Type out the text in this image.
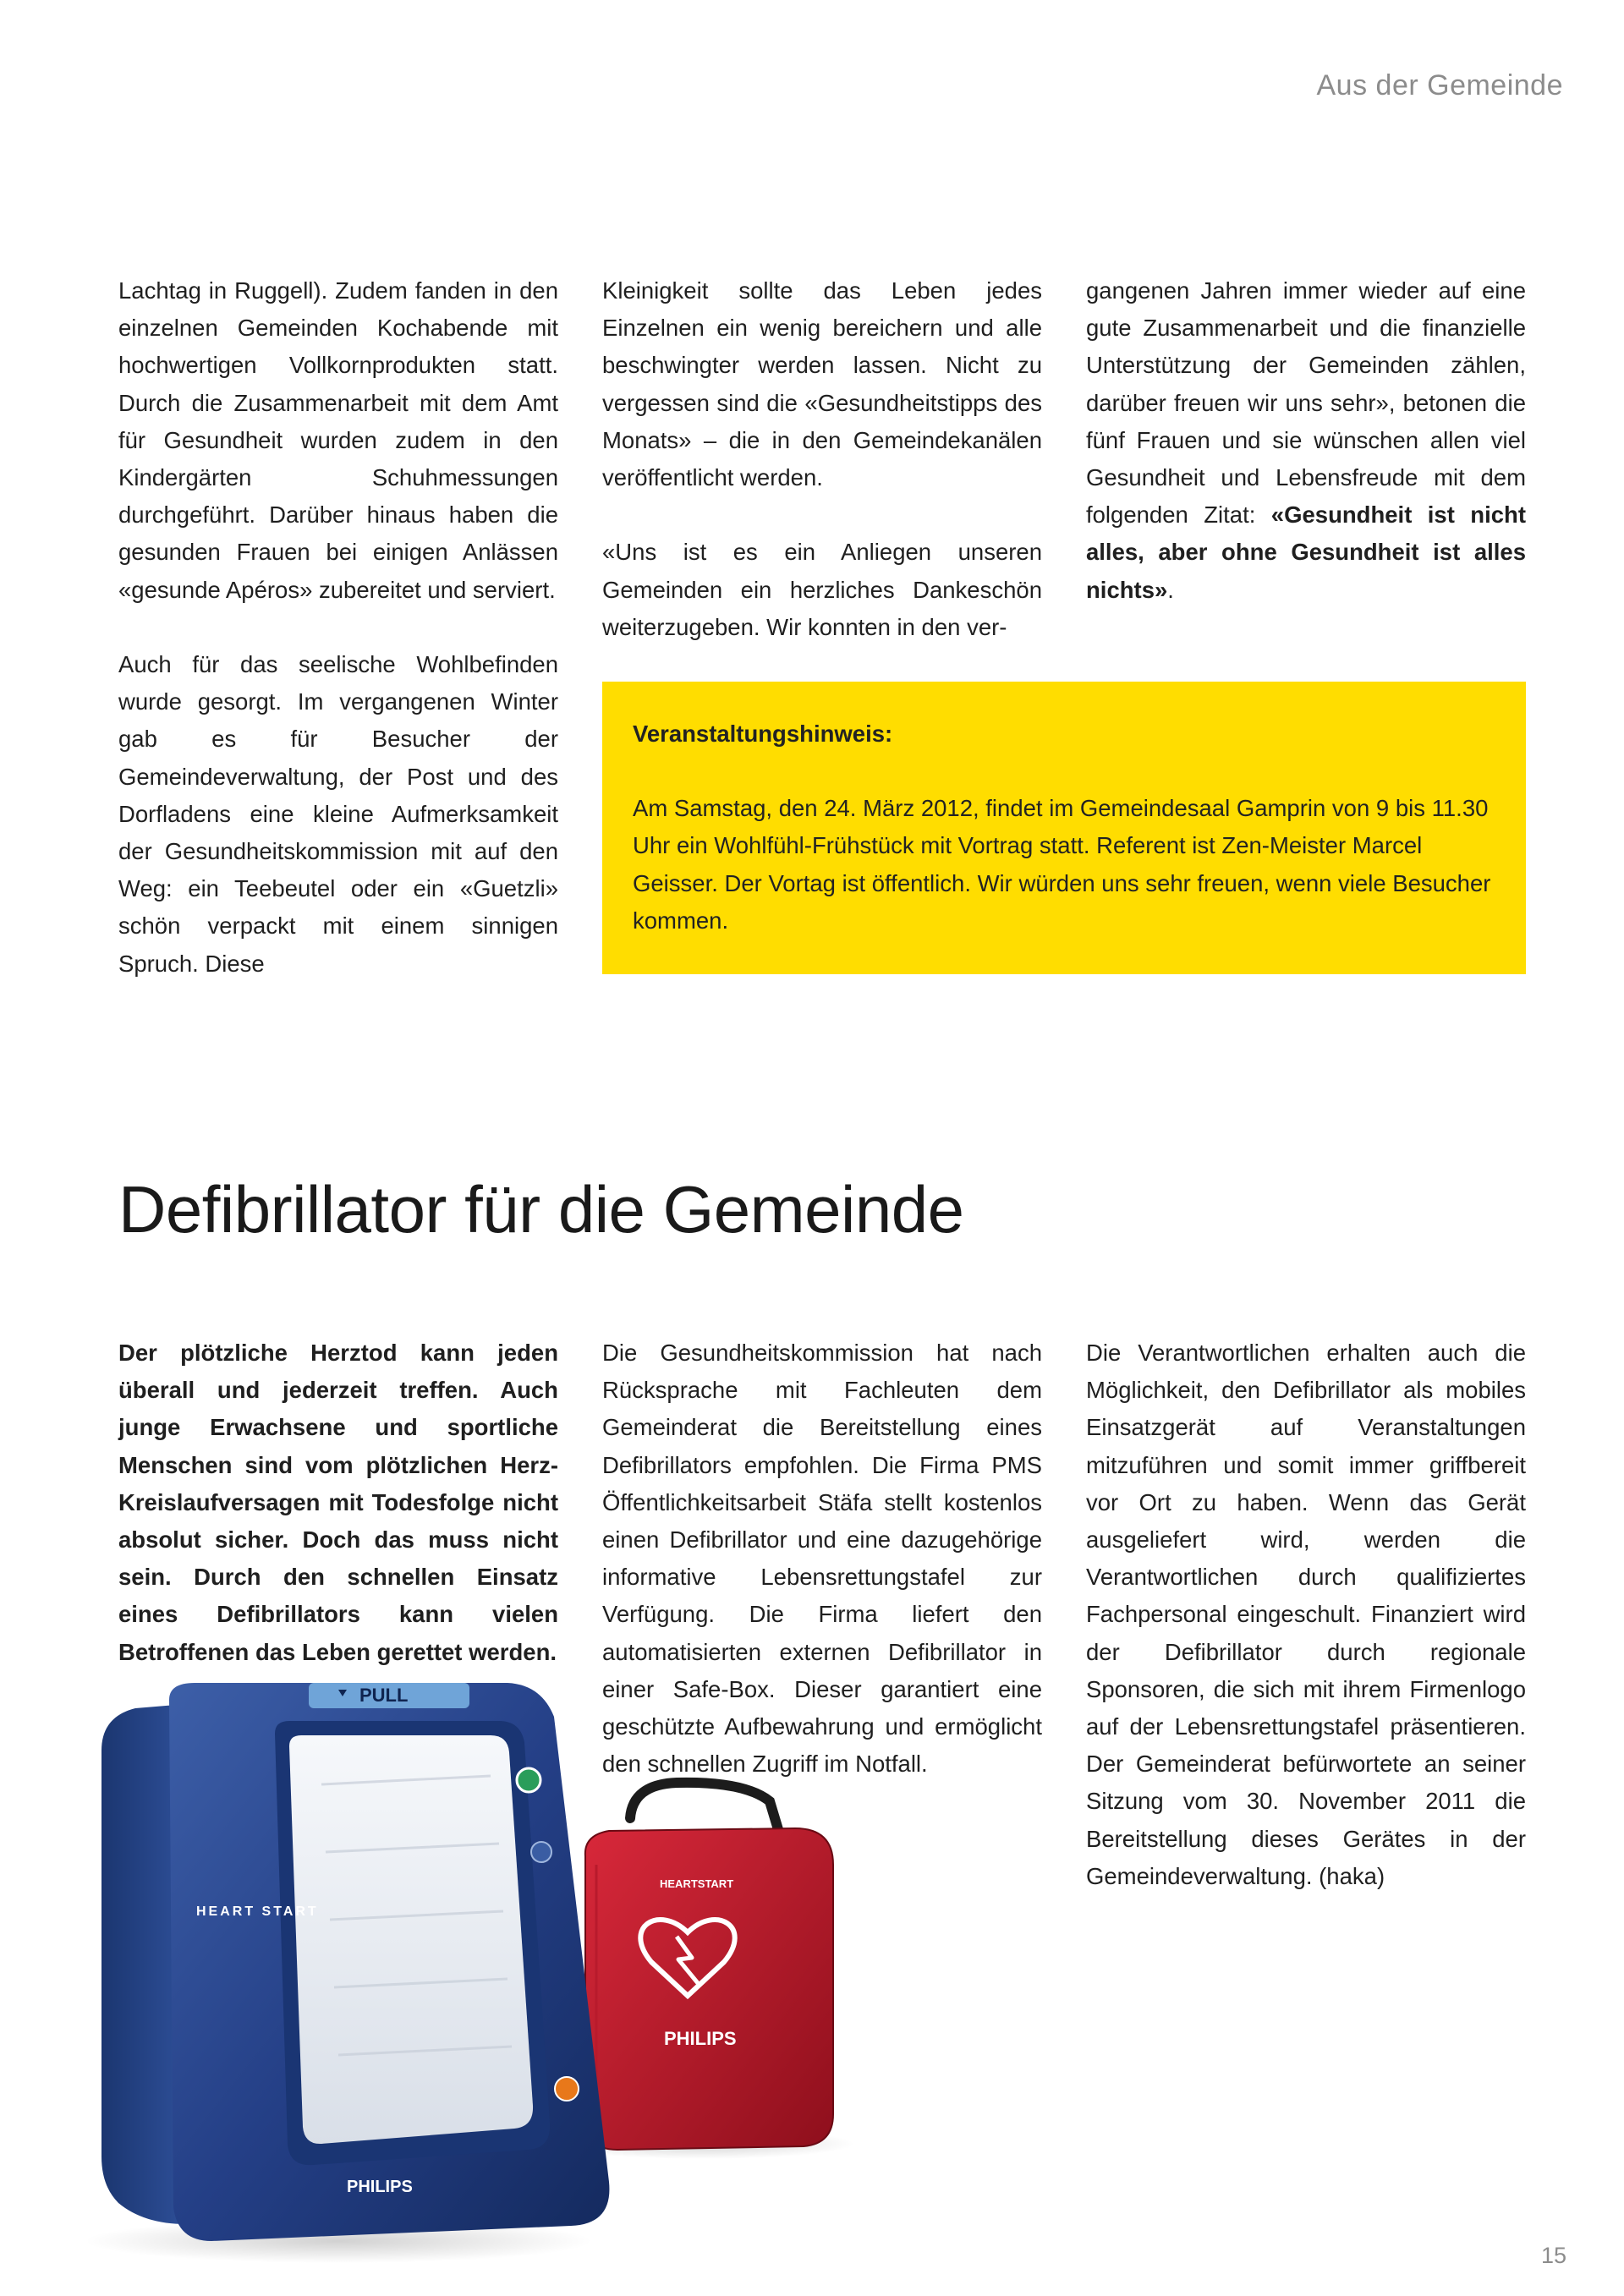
Aus der Gemeinde

Lachtag in Ruggell). Zudem fanden in den einzelnen Gemeinden Kochabende mit hochwertigen Vollkornprodukten statt. Durch die Zusammenarbeit mit dem Amt für Gesundheit wurden zudem in den Kindergärten Schuhmessungen durchgeführt. Darüber hinaus haben die gesunden Frauen bei einigen Anlässen «gesunde Apéros» zubereitet und serviert.

Auch für das seelische Wohlbefinden wurde gesorgt. Im vergangenen Winter gab es für Besucher der Gemeindeverwaltung, der Post und des Dorfladens eine kleine Aufmerksamkeit der Gesundheitskommission mit auf den Weg: ein Teebeutel oder ein «Guetzli» schön verpackt mit einem sinnigen Spruch. Diese

Kleinigkeit sollte das Leben jedes Einzelnen ein wenig bereichern und alle beschwingter werden lassen. Nicht zu vergessen sind die «Gesundheitstipps des Monats» – die in den Gemeindekanälen veröffentlicht werden.

«Uns ist es ein Anliegen unseren Gemeinden ein herzliches Dankeschön weiterzugeben. Wir konnten in den ver-

gangenen Jahren immer wieder auf eine gute Zusammenarbeit und die finanzielle Unterstützung der Gemeinden zählen, darüber freuen wir uns sehr», betonen die fünf Frauen und sie wünschen allen viel Gesundheit und Lebensfreude mit dem folgenden Zitat: «Gesundheit ist nicht alles, aber ohne Gesundheit ist alles nichts».

Veranstaltungshinweis:
Am Samstag, den 24. März 2012, findet im Gemeindesaal Gamprin von 9 bis 11.30 Uhr ein Wohlfühl-Frühstück mit Vortrag statt. Referent ist Zen-Meister Marcel Geisser. Der Vortag ist öffentlich. Wir würden uns sehr freuen, wenn viele Besucher kommen.
Defibrillator für die Gemeinde

Der plötzliche Herztod kann jeden überall und jederzeit treffen. Auch junge Erwachsene und sportliche Menschen sind vom plötzlichen Herz-Kreislaufversagen mit Todesfolge nicht absolut sicher. Doch das muss nicht sein. Durch den schnellen Einsatz eines Defibrillators kann vielen Betroffenen das Leben gerettet werden.

Die Gesundheitskommission hat nach Rücksprache mit Fachleuten dem Gemeinderat die Bereitstellung eines Defibrillators empfohlen. Die Firma PMS Öffentlichkeitsarbeit Stäfa stellt kostenlos einen Defibrillator und eine dazugehörige informative Lebensrettungstafel zur Verfügung. Die Firma liefert den automatisierten externen Defibrillator in einer Safe-Box. Dieser garantiert eine geschützte Aufbewahrung und ermöglicht den schnellen Zugriff im Notfall.

Die Verantwortlichen erhalten auch die Möglichkeit, den Defibrillator als mobiles Einsatzgerät auf Veranstaltungen mitzuführen und somit immer griffbereit vor Ort zu haben. Wenn das Gerät ausgeliefert wird, werden die Verantwortlichen durch qualifiziertes Fachpersonal eingeschult. Finanziert wird der Defibrillator durch regionale Sponsoren, die sich mit ihrem Firmenlogo auf der Lebensrettungstafel präsentieren. Der Gemeinderat befürwortete an seiner Sitzung vom 30. November 2011 die Bereitstellung dieses Gerätes in der Gemeindeverwaltung. (haka)

HEARTSTART
PHILIPS
PULL
HEART START
PHILIPS
15
